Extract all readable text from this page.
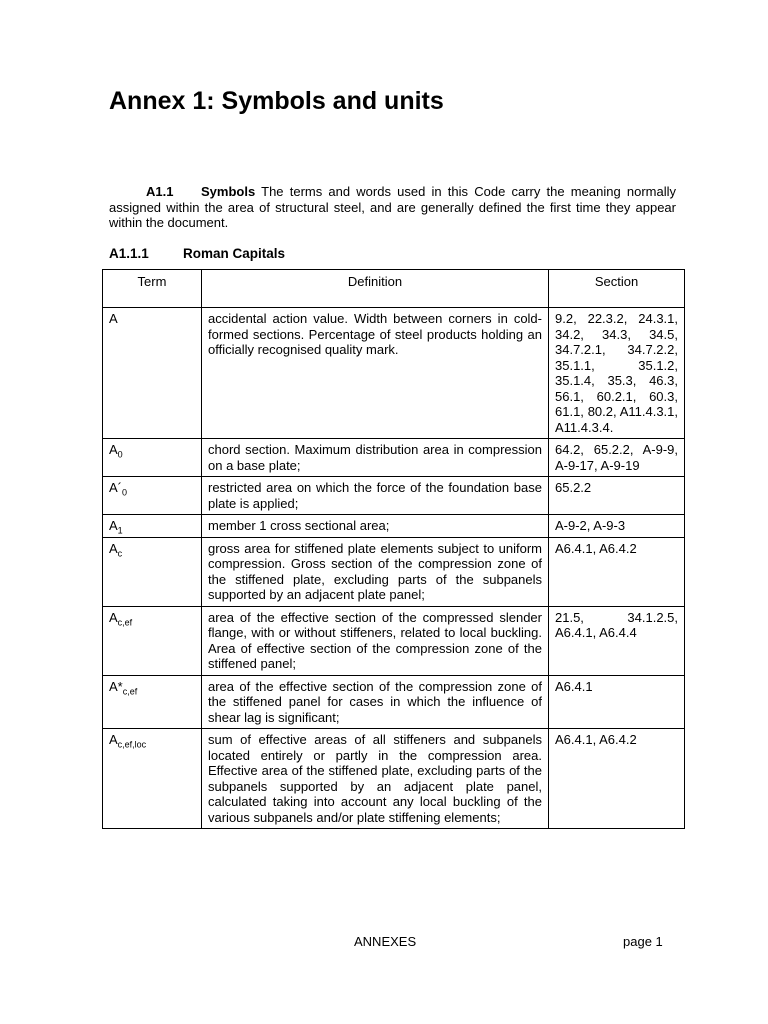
Annex 1: Symbols and units
A1.1 Symbols The terms and words used in this Code carry the meaning normally assigned within the area of structural steel, and are generally defined the first time they appear within the document.
A1.1.1	Roman Capitals
Term	Definition	Section
A	accidental action value. Width between corners in cold-formed sections. Percentage of steel products holding an officially recognised quality mark.	9.2, 22.3.2, 24.3.1, 34.2, 34.3, 34.5, 34.7.2.1, 34.7.2.2, 35.1.1, 35.1.2, 35.1.4, 35.3, 46.3, 56.1, 60.2.1, 60.3, 61.1, 80.2, A11.4.3.1, A11.4.3.4.
$A_0$	chord section. Maximum distribution area in compression on a base plate;	64.2, 65.2.2, A-9-9, A-9-17, A-9-19
$A´_0$	restricted area on which the force of the foundation base plate is applied;	65.2.2
$A_1$	member 1 cross sectional area;	A-9-2, A-9-3
$A_c$	gross area for stiffened plate elements subject to uniform compression. Gross section of the compression zone of the stiffened plate, excluding parts of the subpanels supported by an adjacent plate panel;	A6.4.1, A6.4.2
$A_{c,ef}$	area of the effective section of the compressed slender flange, with or without stiffeners, related to local buckling. Area of effective section of the compression zone of the stiffened panel;	21.5, 34.1.2.5, A6.4.1, A6.4.4
$A*_{c,ef}$	area of the effective section of the compression zone of the stiffened panel for cases in which the influence of shear lag is significant;	A6.4.1
$A_{c,ef,loc}$	sum of effective areas of all stiffeners and subpanels located entirely or partly in the compression area. Effective area of the stiffened plate, excluding parts of the subpanels supported by an adjacent plate panel, calculated taking into account any local buckling of the various subpanels and/or plate stiffening elements;	A6.4.1, A6.4.2
ANNEXES	page 1
